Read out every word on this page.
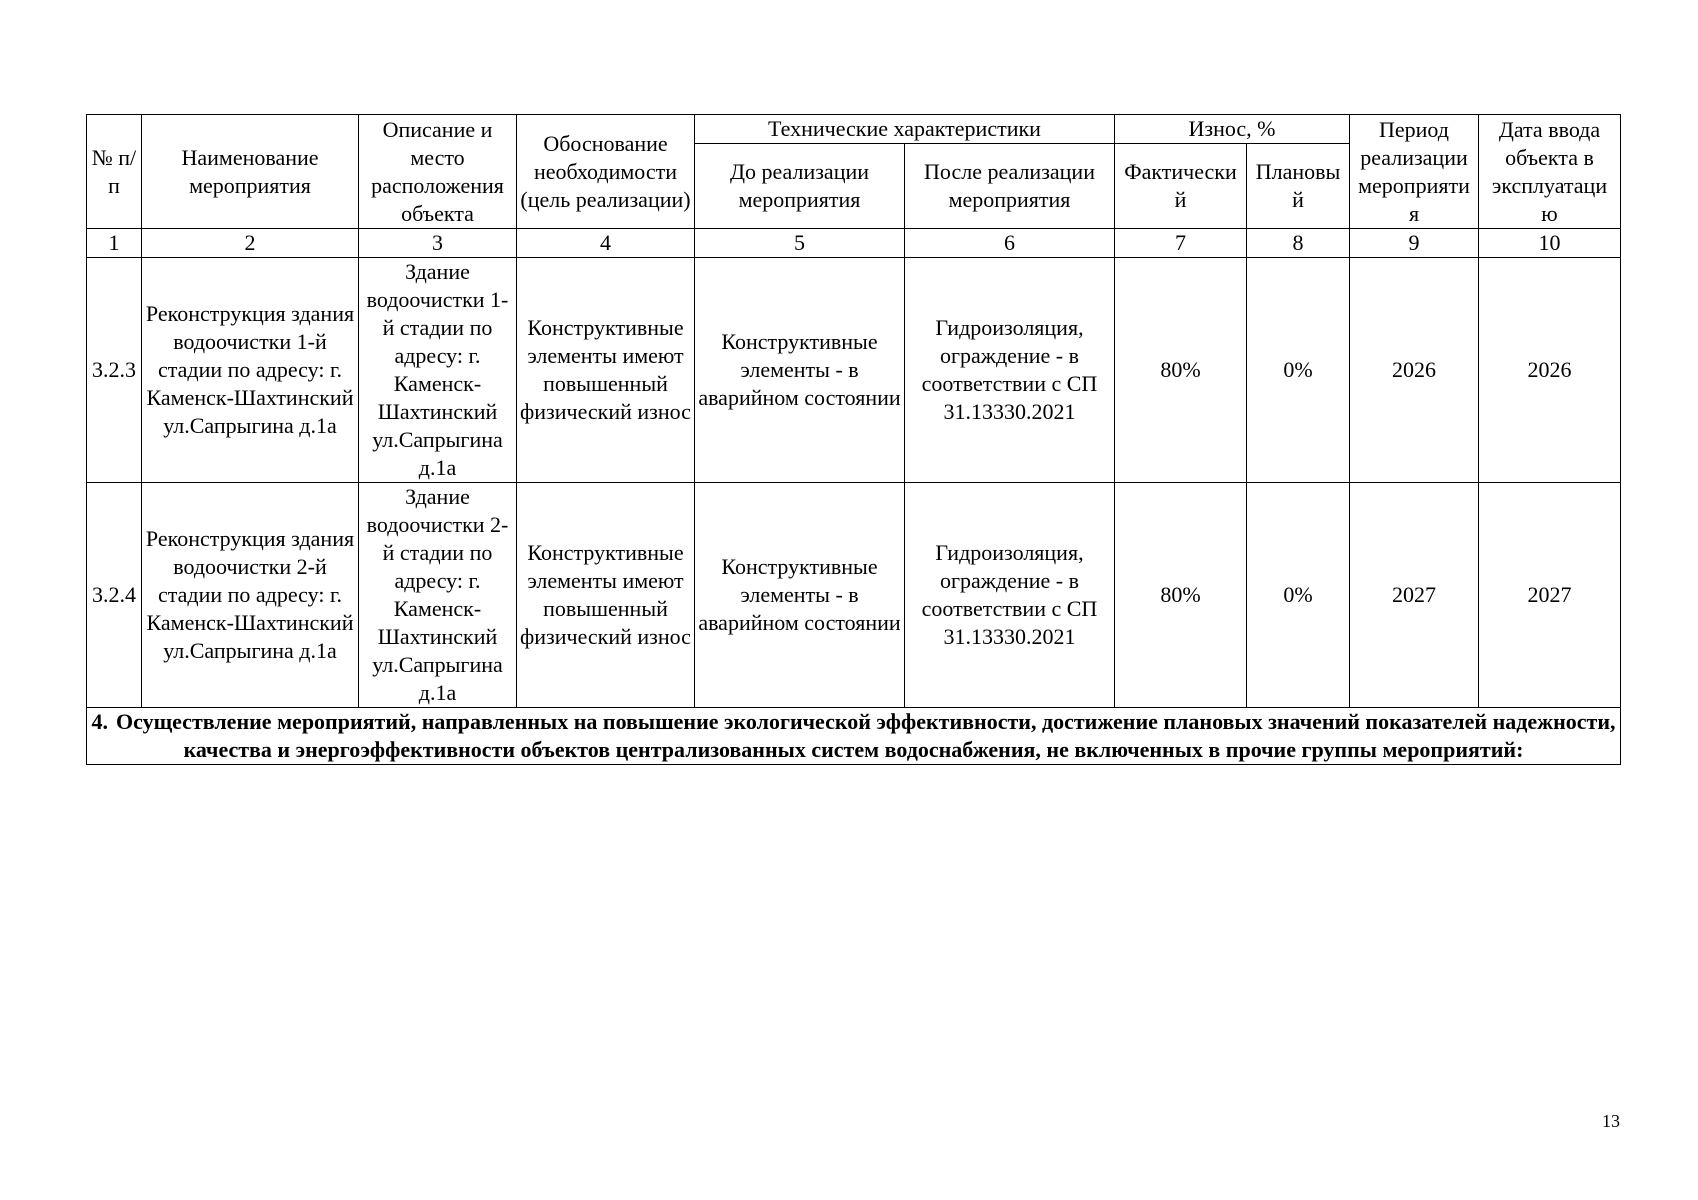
№ п/п	Наименование мероприятия	Описание и место расположения объекта	Обоснование необходимости (цель реализации)	Технические характеристики		Износ, %		Период реализации мероприяти я	Дата ввода объекта в эксплуатаци ю
				До реализации мероприятия	После реализации мероприятия	Фактически й	Плановы й		
1	2	3	4	5	6	7	8	9	10
3.2.3	Реконструкция здания водоочистки 1-й стадии по адресу: г. Каменск-Шахтинский ул.Сапрыгина д.1а	Здание водоочистки 1-й стадии по адресу: г. Каменск-Шахтинский ул.Сапрыгина д.1а	Конструктивные элементы имеют повышенный физический износ	Конструктивные элементы - в аварийном состоянии	Гидроизоляция, ограждение - в соответствии с СП 31.13330.2021	80%	0%	2026	2026
3.2.4	Реконструкция здания водоочистки 2-й стадии по адресу: г. Каменск-Шахтинский ул.Сапрыгина д.1а	Здание водоочистки 2-й стадии по адресу: г. Каменск-Шахтинский ул.Сапрыгина д.1а	Конструктивные элементы имеют повышенный физический износ	Конструктивные элементы - в аварийном состоянии	Гидроизоляция, ограждение - в соответствии с СП 31.13330.2021	80%	0%	2027	2027
4. Осуществление мероприятий, направленных на повышение экологической эффективности, достижение плановых значений показателей надежности, качества и энергоэффективности объектов централизованных систем водоснабжения, не включенных в прочие группы мероприятий:									
13
